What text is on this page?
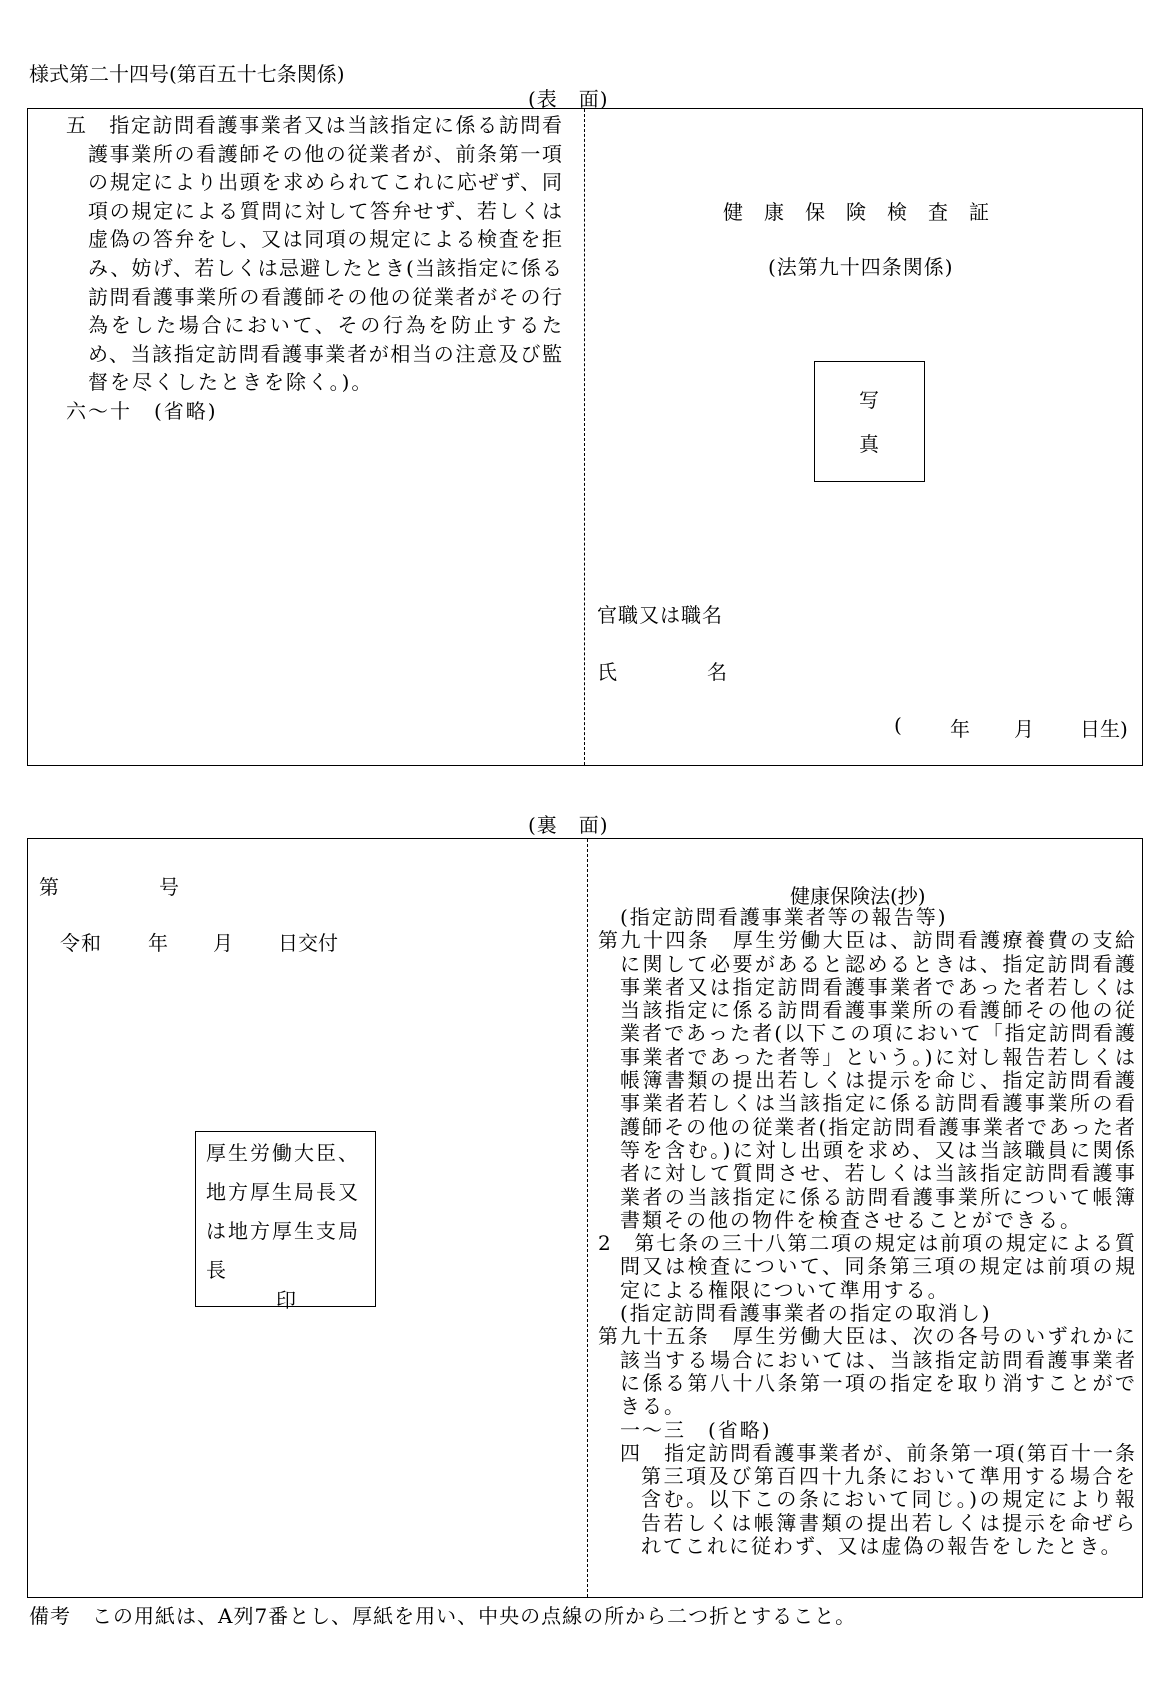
様式第二十四号(第百五十七条関係)
(表　面)
五　指定訪問看護事業者又は当該指定に係る訪問看
護事業所の看護師その他の従業者が、前条第一項
の規定により出頭を求められてこれに応ぜず、同
項の規定による質問に対して答弁せず、若しくは
虚偽の答弁をし、又は同項の規定による検査を拒
み、妨げ、若しくは忌避したとき(当該指定に係る
訪問看護事業所の看護師その他の従業者がその行
為をした場合において、その行為を防止するた
め、当該指定訪問看護事業者が相当の注意及び監
督を尽くしたときを除く。)。
六～十　(省略)
健康保険検査証
(法第九十四条関係)
写
真
官職又は職名
氏	名
( 年 月 日生)
(裏　面)
第	号
令和 年 月 日交付
厚生労働大臣、
地方厚生局長又
は地方厚生支局
長
印
健康保険法(抄)
(指定訪問看護事業者等の報告等)
第九十四条　厚生労働大臣は、訪問看護療養費の支給
に関して必要があると認めるときは、指定訪問看護
事業者又は指定訪問看護事業者であった者若しくは
当該指定に係る訪問看護事業所の看護師その他の従
業者であった者(以下この項において「指定訪問看護
事業者であった者等」という。)に対し報告若しくは
帳簿書類の提出若しくは提示を命じ、指定訪問看護
事業者若しくは当該指定に係る訪問看護事業所の看
護師その他の従業者(指定訪問看護事業者であった者
等を含む。)に対し出頭を求め、又は当該職員に関係
者に対して質問させ、若しくは当該指定訪問看護事
業者の当該指定に係る訪問看護事業所について帳簿
書類その他の物件を検査させることができる。
2　第七条の三十八第二項の規定は前項の規定による質
問又は検査について、同条第三項の規定は前項の規
定による権限について準用する。
(指定訪問看護事業者の指定の取消し)
第九十五条　厚生労働大臣は、次の各号のいずれかに
該当する場合においては、当該指定訪問看護事業者
に係る第八十八条第一項の指定を取り消すことがで
きる。
一～三　(省略)
四　指定訪問看護事業者が、前条第一項(第百十一条
第三項及び第百四十九条において準用する場合を
含む。以下この条において同じ。)の規定により報
告若しくは帳簿書類の提出若しくは提示を命ぜら
れてこれに従わず、又は虚偽の報告をしたとき。
備考　この用紙は、A列7番とし、厚紙を用い、中央の点線の所から二つ折とすること。
